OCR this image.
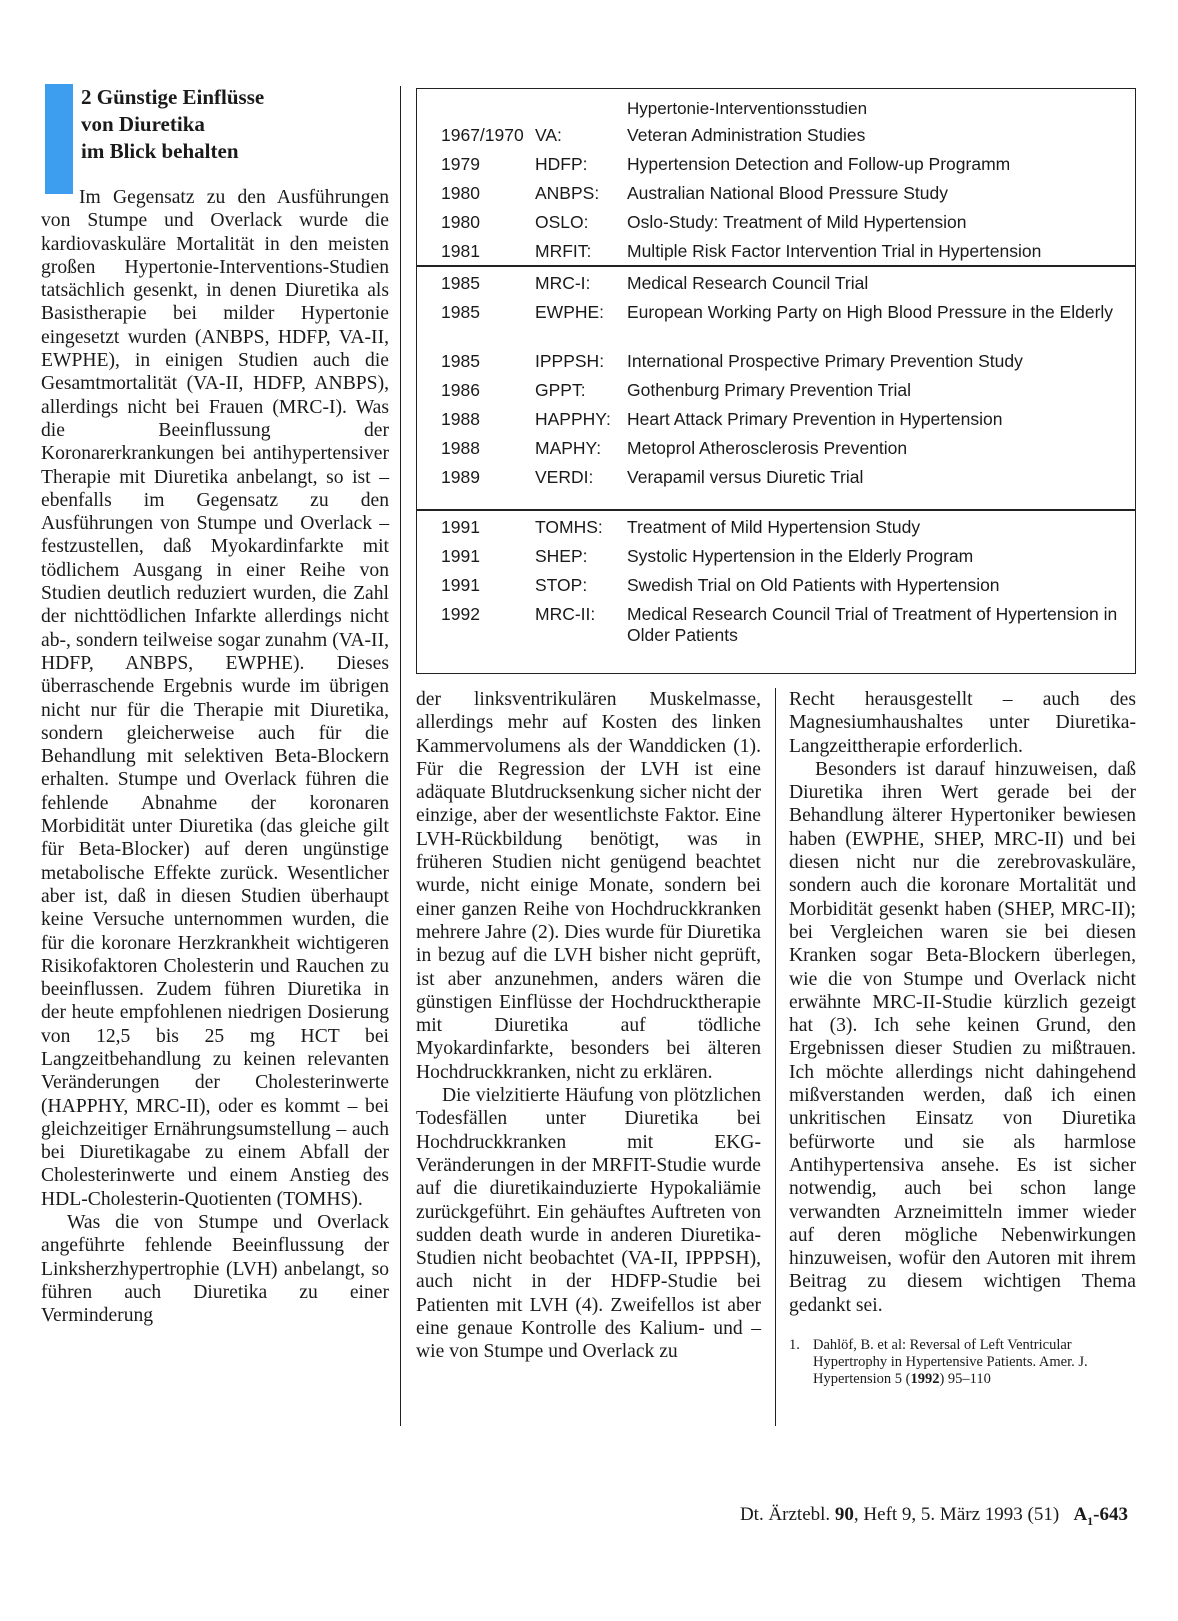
2 Günstige Einflüsse
von Diuretika
im Blick behalten

Im Gegensatz zu den Ausführungen von Stumpe und Overlack wurde die kardiovaskuläre Mortalität in den meisten großen Hypertonie-Interventions-Studien tatsächlich gesenkt, in denen Diuretika als Basistherapie bei milder Hypertonie eingesetzt wurden (ANBPS, HDFP, VA-II, EWPHE), in einigen Studien auch die Gesamtmortalität (VA-II, HDFP, ANBPS), allerdings nicht bei Frauen (MRC-I). Was die Beeinflussung der Koronarerkrankungen bei antihypertensiver Therapie mit Diuretika anbelangt, so ist – ebenfalls im Gegensatz zu den Ausführungen von Stumpe und Overlack – festzustellen, daß Myokardinfarkte mit tödlichem Ausgang in einer Reihe von Studien deutlich reduziert wurden, die Zahl der nichttödlichen Infarkte allerdings nicht ab-, sondern teilweise sogar zunahm (VA-II, HDFP, ANBPS, EWPHE). Dieses überraschende Ergebnis wurde im übrigen nicht nur für die Therapie mit Diuretika, sondern gleicherweise auch für die Behandlung mit selektiven Beta-Blockern erhalten. Stumpe und Overlack führen die fehlende Abnahme der koronaren Morbidität unter Diuretika (das gleiche gilt für Beta-Blocker) auf deren ungünstige metabolische Effekte zurück. Wesentlicher aber ist, daß in diesen Studien überhaupt keine Versuche unternommen wurden, die für die koronare Herzkrankheit wichtigeren Risikofaktoren Cholesterin und Rauchen zu beeinflussen. Zudem führen Diuretika in der heute empfohlenen niedrigen Dosierung von 12,5 bis 25 mg HCT bei Langzeitbehandlung zu keinen relevanten Veränderungen der Cholesterinwerte (HAPPHY, MRC-II), oder es kommt – bei gleichzeitiger Ernährungsumstellung – auch bei Diuretikagabe zu einem Abfall der Cholesterinwerte und einem Anstieg des HDL-Cholesterin-Quotienten (TOMHS).

Was die von Stumpe und Overlack angeführte fehlende Beeinflussung der Linksherzhypertrophie (LVH) anbelangt, so führen auch Diuretika zu einer Verminderung

Hypertonie-Interventionsstudien
1967/1970 VA:	Veteran Administration Studies
1979	HDFP: Hypertension Detection and Follow-up Programm
1980	ANBPS: Australian National Blood Pressure Study
1980	OSLO: Oslo-Study: Treatment of Mild Hypertension
1981	MRFIT: Multiple Risk Factor Intervention Trial in Hypertension
1985	MRC-I: Medical Research Council Trial
1985	EWPHE: European Working Party on High Blood Pressure in the Elderly
1985	IPPPSH: International Prospective Primary Prevention Study
1986	GPPT: Gothenburg Primary Prevention Trial
1988	HAPPHY: Heart Attack Primary Prevention in Hypertension
1988	MAPHY: Metoprol Atherosclerosis Prevention
1989	VERDI: Verapamil versus Diuretic Trial
1991	TOMHS: Treatment of Mild Hypertension Study
1991	SHEP: Systolic Hypertension in the Elderly Program
1991	STOP: Swedish Trial on Old Patients with Hypertension
1992	MRC-II: Medical Research Council Trial of Treatment of Hypertension in Older Patients

der linksventrikulären Muskelmasse, allerdings mehr auf Kosten des linken Kammervolumens als der Wanddicken (1). Für die Regression der LVH ist eine adäquate Blutdrucksenkung sicher nicht der einzige, aber der wesentlichste Faktor. Eine LVH-Rückbildung benötigt, was in früheren Studien nicht genügend beachtet wurde, nicht einige Monate, sondern bei einer ganzen Reihe von Hochdruckkranken mehrere Jahre (2). Dies wurde für Diuretika in bezug auf die LVH bisher nicht geprüft, ist aber anzunehmen, anders wären die günstigen Einflüsse der Hochdrucktherapie mit Diuretika auf tödliche Myokardinfarkte, besonders bei älteren Hochdruckkranken, nicht zu erklären.

Die vielzitierte Häufung von plötzlichen Todesfällen unter Diuretika bei Hochdruckkranken mit EKG-Veränderungen in der MRFIT-Studie wurde auf die diuretikainduzierte Hypokaliämie zurückgeführt. Ein gehäuftes Auftreten von sudden death wurde in anderen Diuretika-Studien nicht beobachtet (VA-II, IPPPSH), auch nicht in der HDFP-Studie bei Patienten mit LVH (4). Zweifellos ist aber eine genaue Kontrolle des Kalium- und – wie von Stumpe und Overlack zu

Recht herausgestellt – auch des Magnesiumhaushaltes unter Diuretika-Langzeittherapie erforderlich.

Besonders ist darauf hinzuweisen, daß Diuretika ihren Wert gerade bei der Behandlung älterer Hypertoniker bewiesen haben (EWPHE, SHEP, MRC-II) und bei diesen nicht nur die zerebrovaskuläre, sondern auch die koronare Mortalität und Morbidität gesenkt haben (SHEP, MRC-II); bei Vergleichen waren sie bei diesen Kranken sogar Beta-Blockern überlegen, wie die von Stumpe und Overlack nicht erwähnte MRC-II-Studie kürzlich gezeigt hat (3). Ich sehe keinen Grund, den Ergebnissen dieser Studien zu mißtrauen. Ich möchte allerdings nicht dahingehend mißverstanden werden, daß ich einen unkritischen Einsatz von Diuretika befürworte und sie als harmlose Antihypertensiva ansehe. Es ist sicher notwendig, auch bei schon lange verwandten Arzneimitteln immer wieder auf deren mögliche Nebenwirkungen hinzuweisen, wofür den Autoren mit ihrem Beitrag zu diesem wichtigen Thema gedankt sei.

1. Dahlöf, B. et al: Reversal of Left Ventricular Hypertrophy in Hypertensive Patients. Amer. J. Hypertension 5 (1992) 95–110
Dt. Ärztebl. 90, Heft 9, 5. März 1993 (51) $A_1-643$
